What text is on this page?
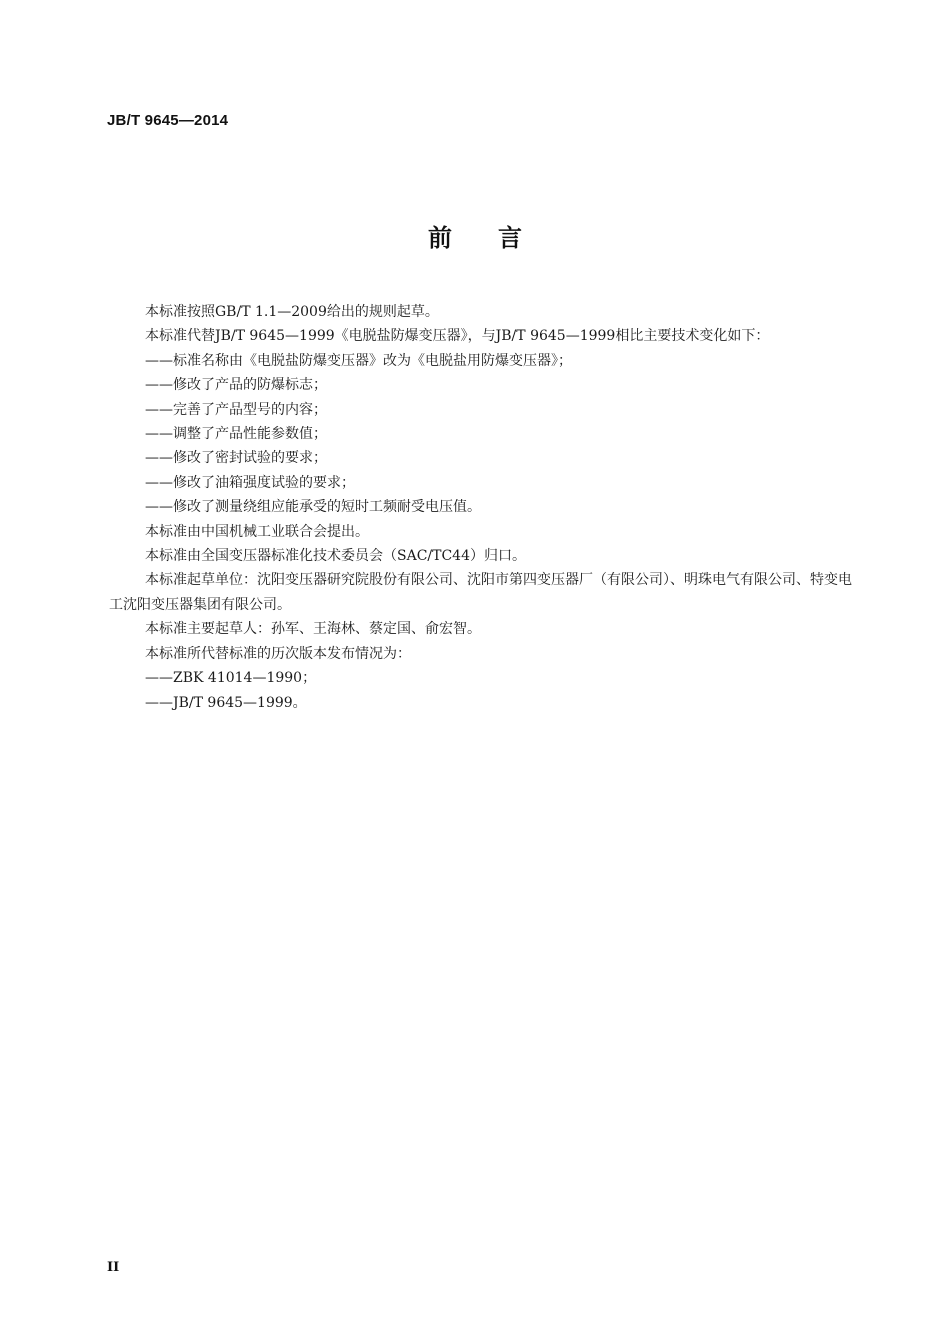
JB/T 9645—2014
前言

本标准按照GB/T 1.1—2009给出的规则起草。

本标准代替JB/T 9645—1999《电脱盐防爆变压器》，与JB/T 9645—1999相比主要技术变化如下：

——标准名称由《电脱盐防爆变压器》改为《电脱盐用防爆变压器》；

——修改了产品的防爆标志；

——完善了产品型号的内容；

——调整了产品性能参数值；

——修改了密封试验的要求；

——修改了油箱强度试验的要求；

——修改了测量绕组应能承受的短时工频耐受电压值。

本标准由中国机械工业联合会提出。

本标准由全国变压器标准化技术委员会（SAC/TC44）归口。

本标准起草单位：沈阳变压器研究院股份有限公司、沈阳市第四变压器厂（有限公司）、明珠电气有限公司、特变电工沈阳变压器集团有限公司。

本标准主要起草人：孙军、王海林、蔡定国、俞宏智。

本标准所代替标准的历次版本发布情况为：

——ZBK 41014—1990；

——JB/T 9645—1999。

II
